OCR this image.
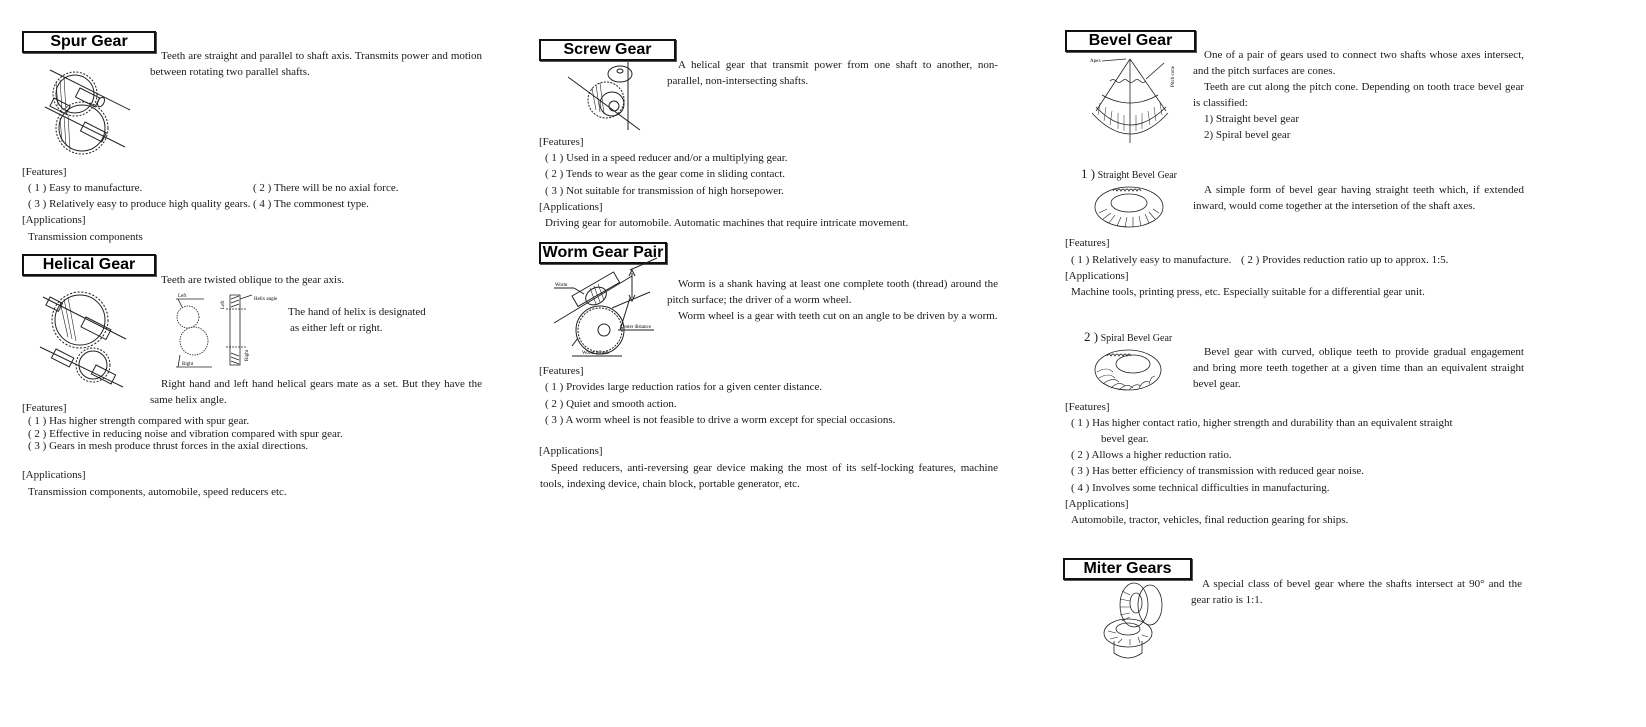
Spur Gear
Teeth are straight and parallel to shaft axis. Transmits power and motion between rotating two parallel shafts.
[Features]
( 1 ) Easy to manufacture.	( 2 ) There will be no axial force.
( 3 ) Relatively easy to produce high quality gears. ( 4 ) The commonest type.
[Applications]
Transmission components
Helical Gear
Teeth are twisted oblique to the gear axis.
Left
Right
Helix angle
Left
Right
The hand of helix is designated
as either left or right.
Right hand and left hand helical gears mate as a set. But they have the same helix angle.
[Features]
( 1 ) Has higher strength compared with spur gear.
( 2 ) Effective in reducing noise and vibration compared with spur gear.
( 3 ) Gears in mesh produce thrust forces in the axial directions.
[Applications]
Transmission components, automobile, speed reducers etc.
Screw Gear
A helical gear that transmit power from one shaft to another, non-parallel, non-intersecting shafts.
[Features]
( 1 ) Used in a speed reducer and/or a multiplying gear.
( 2 ) Tends to wear as the gear come in sliding contact.
( 3 ) Not suitable for transmission of high horsepower.
[Applications]
Driving gear for automobile. Automatic machines that require intricate movement.
Worm Gear Pair
Worm
Center distance
Worm Wheel
Worm is a shank having at least one complete tooth (thread) around the pitch surface; the driver of a worm wheel.
Worm wheel is a gear with teeth cut on an angle to be driven by a worm.
[Features]
( 1 ) Provides large reduction ratios for a given center distance.
( 2 ) Quiet and smooth action.
( 3 ) A worm wheel is not feasible to drive a worm except for special occasions.
[Applications]
Speed reducers, anti-reversing gear device making the most of its self-locking features, machine tools, indexing device, chain block, portable generator, etc.
Bevel Gear
Apex
Pitch cone
One of a pair of gears used to connect two shafts whose axes intersect, and the pitch surfaces are cones.
Teeth are cut along the pitch cone. Depending on tooth trace bevel gear is classified:
1) Straight bevel gear
2) Spiral bevel gear
1 ) Straight Bevel Gear
A simple form of bevel gear having straight teeth which, if extended inward, would come together at the intersetion of the shaft axes.
[Features]
( 1 ) Relatively easy to manufacture. ( 2 ) Provides reduction ratio up to approx. 1:5.
[Applications]
Machine tools, printing press, etc. Especially suitable for a differential gear unit.
2 ) Spiral Bevel Gear
Bevel gear with curved, oblique teeth to provide gradual engagement and bring more teeth together at a given time than an equivalent straight bevel gear.
[Features]
( 1 ) Has higher contact ratio, higher strength and durability than an equivalent straight
bevel gear.
( 2 ) Allows a higher reduction ratio.
( 3 ) Has better efficiency of transmission with reduced gear noise.
( 4 ) Involves some technical difficulties in manufacturing.
[Applications]
Automobile, tractor, vehicles, final reduction gearing for ships.
Miter Gears
A special class of bevel gear where the shafts intersect at 90° and the gear ratio is 1:1.
